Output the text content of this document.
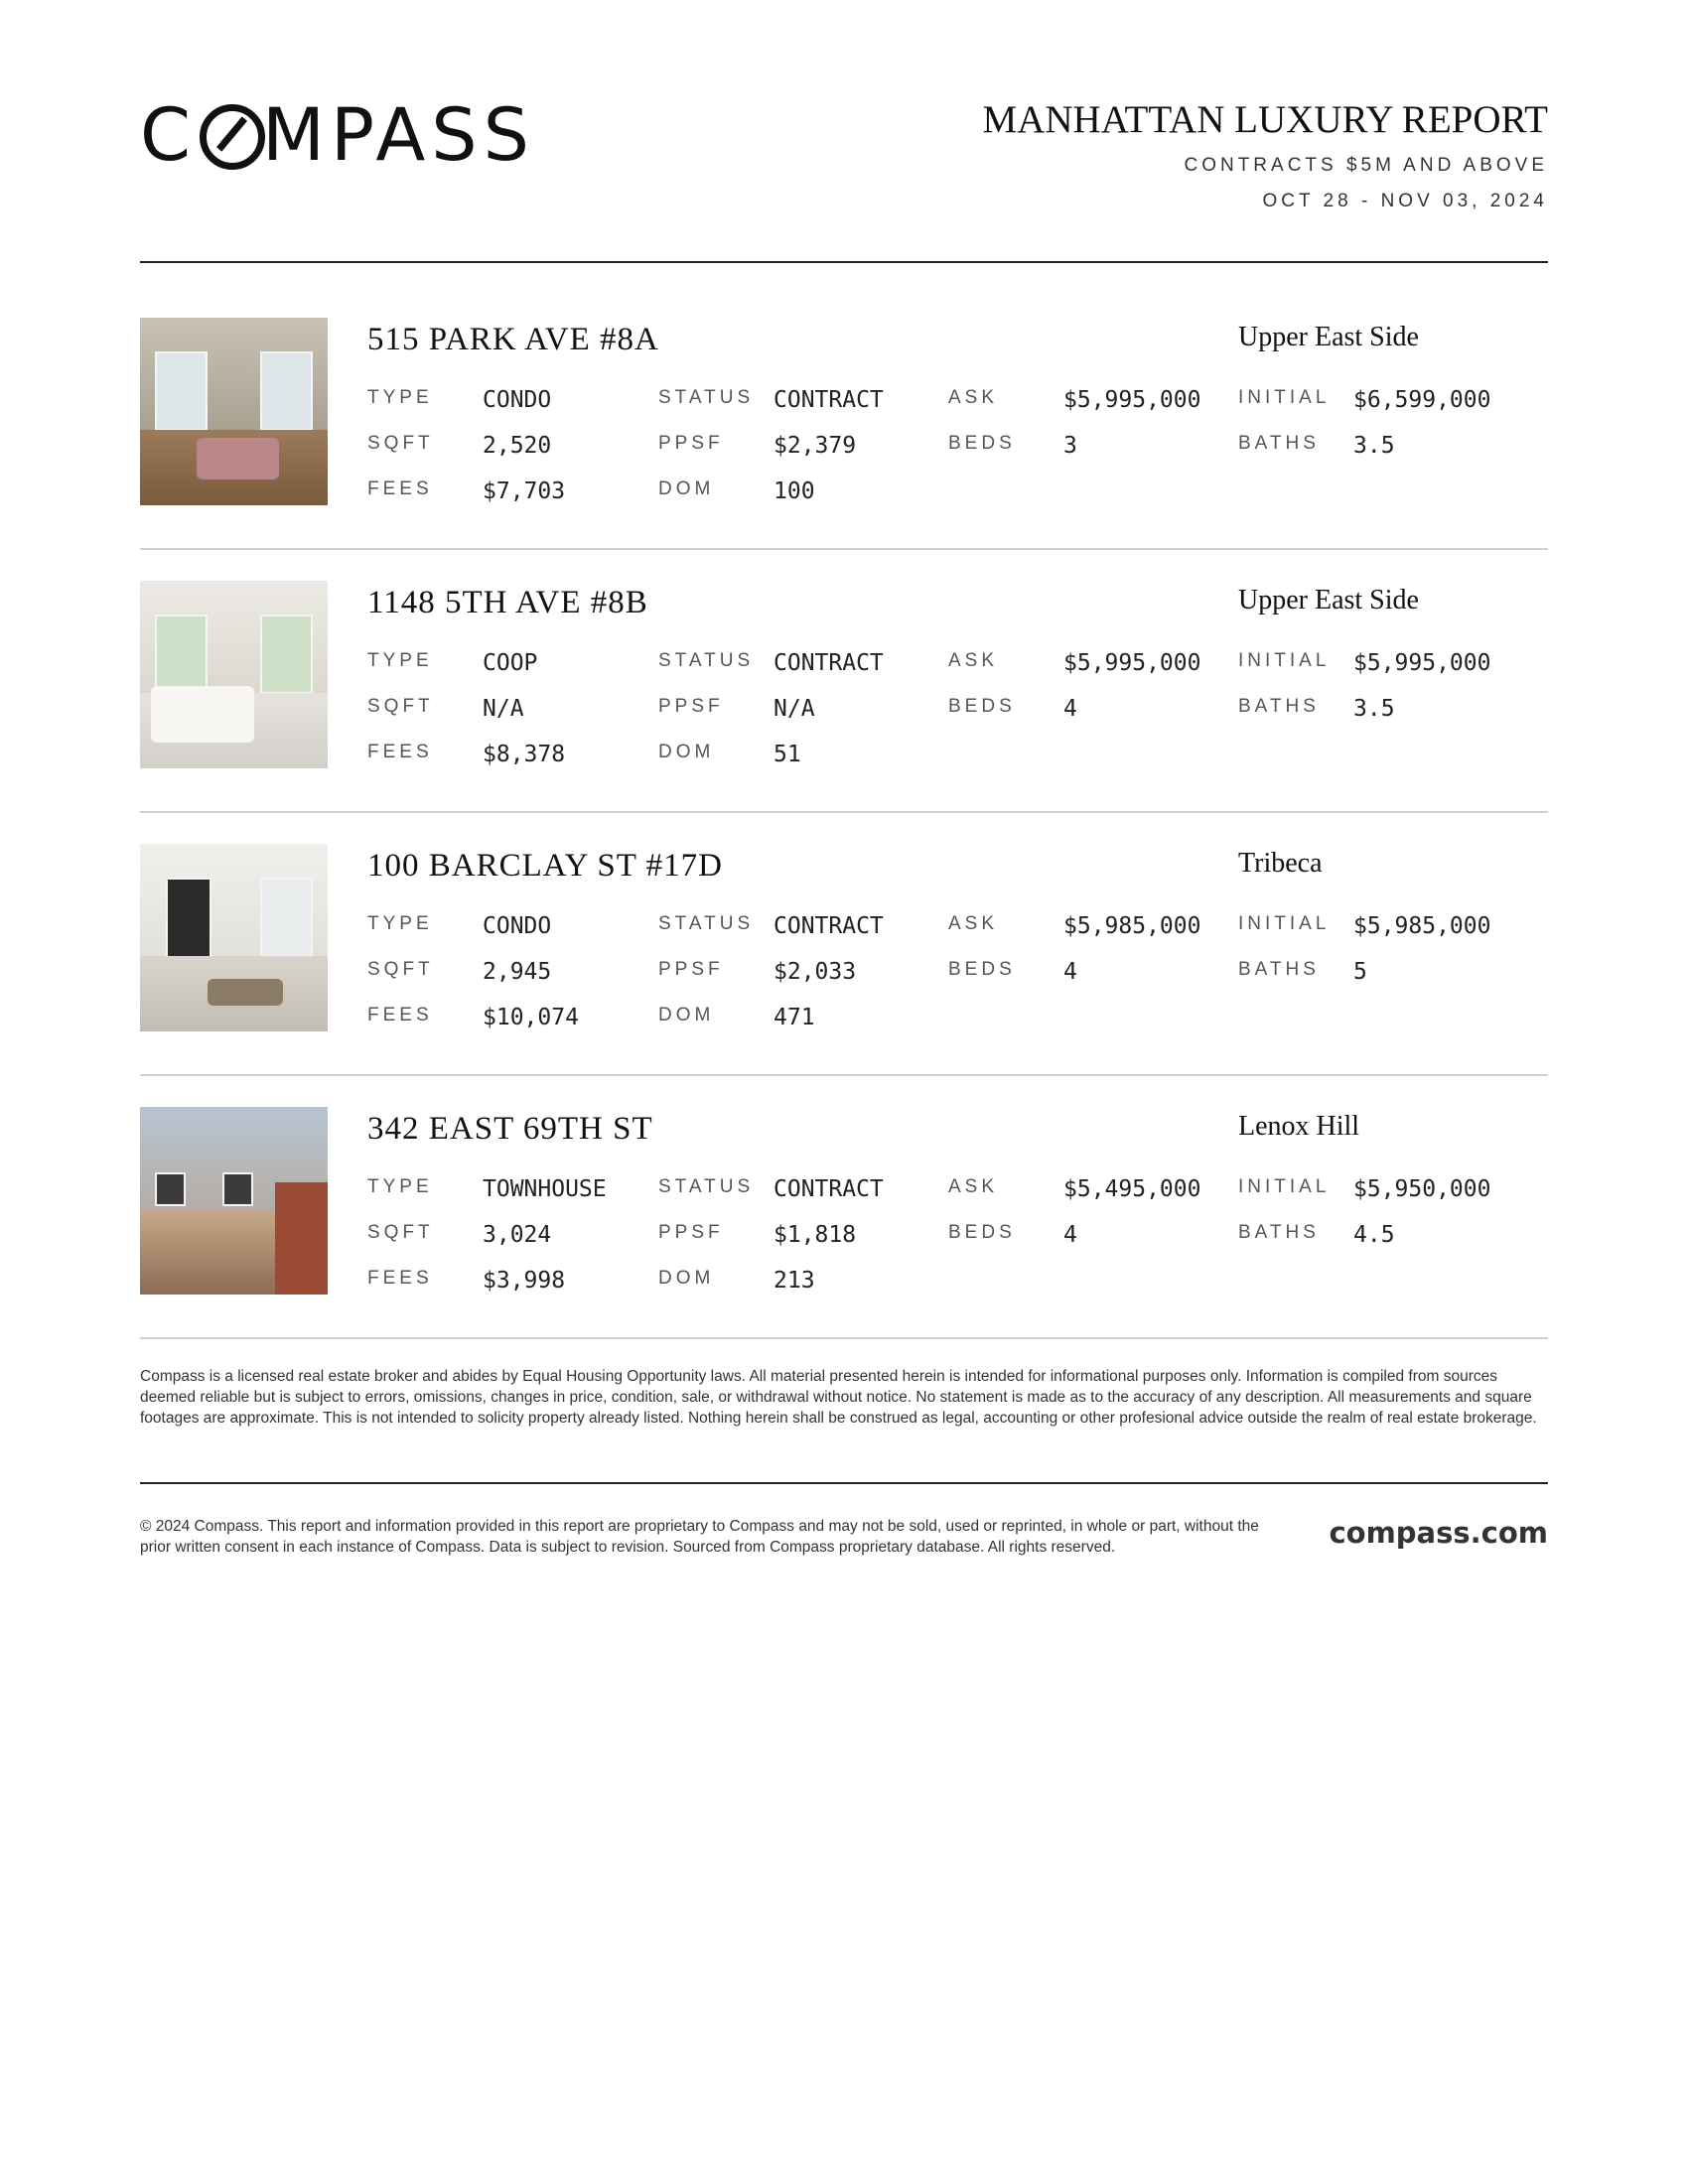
C MPASS	MANHATTAN LUXURY REPORT
CONTRACTS $5M AND ABOVE
OCT 28 - NOV 03, 2024
515 PARK AVE #8A	Upper East Side
TYPE CONDO	STATUS CONTRACT	ASK	$5,995,000 INITIAL $6,599,000
SQFT 2,520	PPSF $2,379	BEDS 3	BATHS 3.5
FEES $7,703	DOM	100
1148 5TH AVE #8B	Upper East Side
TYPE COOP	STATUS CONTRACT	ASK	$5,995,000 INITIAL $5,995,000
SQFT N/A	PPSF N/A	BEDS 4	BATHS 3.5
FEES $8,378	DOM	51
100 BARCLAY ST #17D	Tribeca
TYPE CONDO	STATUS CONTRACT	ASK	$5,985,000 INITIAL $5,985,000
SQFT 2,945	PPSF $2,033	BEDS 4	BATHS 5
FEES $10,074	DOM	471
342 EAST 69TH ST	Lenox Hill
TYPE TOWNHOUSE	STATUS CONTRACT	ASK	$5,495,000 INITIAL $5,950,000
SQFT 3,024	PPSF $1,818	BEDS 4	BATHS 4.5
FEES $3,998	DOM	213

Compass is a licensed real estate broker and abides by Equal Housing Opportunity laws. All material presented herein is intended for informational purposes only. Information is compiled from sources deemed reliable but is subject to errors, omissions, changes in price, condition, sale, or withdrawal without notice. No statement is made as to the accuracy of any description. All measurements and square footages are approximate. This is not intended to solicity property already listed. Nothing herein shall be construed as legal, accounting or other profesional advice outside the realm of real estate brokerage.

© 2024 Compass. This report and information provided in this report are proprietary to Compass and may not be sold, used or reprinted, in whole or part, without the prior written consent in each instance of Compass. Data is subject to revision. Sourced from Compass proprietary database. All rights reserved.	compass.com
